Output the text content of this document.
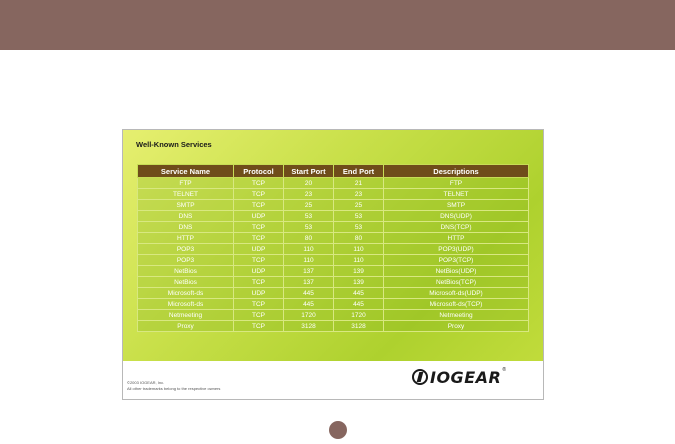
Well-Known Services
Service Name	Protocol	Start Port	End Port	Descriptions
FTP	TCP	20	21	FTP
TELNET	TCP	23	23	TELNET
SMTP	TCP	25	25	SMTP
DNS	UDP	53	53	DNS(UDP)
DNS	TCP	53	53	DNS(TCP)
HTTP	TCP	80	80	HTTP
POP3	UDP	110	110	POP3(UDP)
POP3	TCP	110	110	POP3(TCP)
NetBios	UDP	137	139	NetBios(UDP)
NetBios	TCP	137	139	NetBios(TCP)
Microsoft-ds	UDP	445	445	Microsoft-ds(UDP)
Microsoft-ds	TCP	445	445	Microsoft-ds(TCP)
Netmeeting	TCP	1720	1720	Netmeeting
Proxy	TCP	3128	3128	Proxy
©2003 IOGEAR, Inc.
All other trademarks belong to the respective owners
IOGEAR ®
